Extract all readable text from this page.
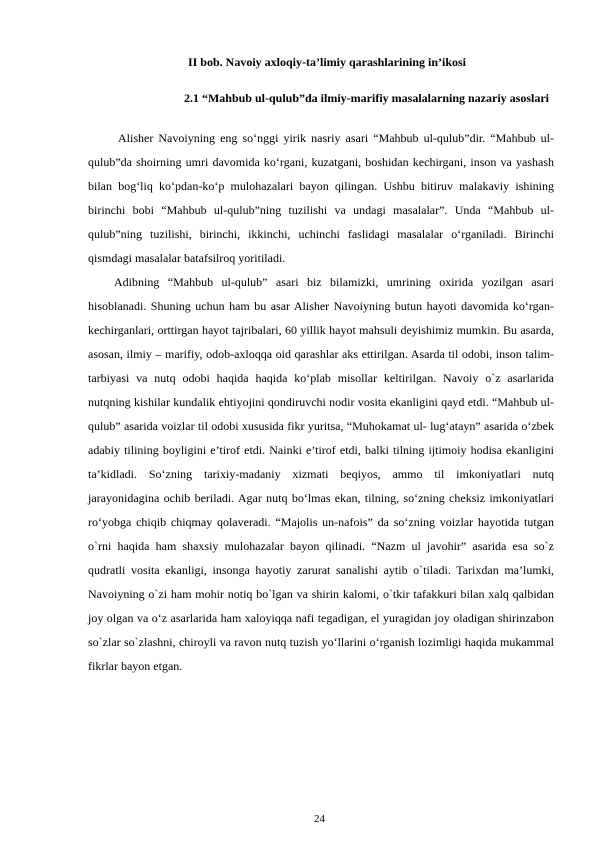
II bob. Navoiy axloqiy-ta’limiy qarashlarining in’ikosi
2.1 “Mahbub ul-qulub”da ilmiy-marifiy masalalarning nazariy asoslari

Alisher Navoiyning eng so‘nggi yirik nasriy asari “Mahbub ul-qulub”dir. “Mahbub ul-qulub”da shoirning umri davomida ko‘rgani, kuzatgani, boshidan kechirgani, inson va yashash bilan bog‘liq ko‘pdan-ko‘p mulohazalari bayon qilingan. Ushbu bitiruv malakaviy ishining birinchi bobi “Mahbub ul-qulub”ning tuzilishi va undagi masalalar”. Unda “Mahbub ul-qulub”ning tuzilishi, birinchi, ikkinchi, uchinchi faslidagi masalalar o‘rganiladi. Birinchi qismdagi masalalar batafsilroq yoritiladi.

Adibning “Mahbub ul-qulub” asari biz bilamizki, umrining oxirida yozilgan asari hisoblanadi. Shuning uchun ham bu asar Alisher Navoiyning butun hayoti davomida ko‘rgan-kechirganlari, orttirgan hayot tajribalari, 60 yillik hayot mahsuli deyishimiz mumkin. Bu asarda, asosan, ilmiy – marifiy, odob-axloqqa oid qarashlar aks ettirilgan. Asarda til odobi, inson talim-tarbiyasi va nutq odobi haqida haqida ko‘plab misollar keltirilgan. Navoiy o`z asarlarida nutqning kishilar kundalik ehtiyojini qondiruvchi nodir vosita ekanligini qayd etdi. “Mahbub ul-qulub” asarida voizlar til odobi xususida fikr yuritsa, “Muhokamat ul- lug‘atayn” asarida o‘zbek adabiy tilining boyligini e’tirof etdi. Nainki e’tirof etdi, balki tilning ijtimoiy hodisa ekanligini ta’kidladi. So‘zning tarixiy-madaniy xizmati beqiyos, ammo til imkoniyatlari nutq jarayonidagina ochib beriladi. Agar nutq bo‘lmas ekan, tilning, so‘zning cheksiz imkoniyatlari ro‘yobga chiqib chiqmay qolaveradi. “Majolis un-nafois” da so‘zning voizlar hayotida tutgan o`rni haqida ham shaxsiy mulohazalar bayon qilinadi. “Nazm ul javohir” asarida esa so`z qudratli vosita ekanligi, insonga hayotiy zarurat sanalishi aytib o`tiladi. Tarixdan ma’lumki, Navoiyning o`zi ham mohir notiq bo`lgan va shirin kalomi, o`tkir tafakkuri bilan xalq qalbidan joy olgan va o‘z asarlarida ham xaloyiqqa nafi tegadigan, el yuragidan joy oladigan shirinzabon so`zlar so`zlashni, chiroyli va ravon nutq tuzish yo‘llarini o‘rganish lozimligi haqida mukammal fikrlar bayon etgan.

24
